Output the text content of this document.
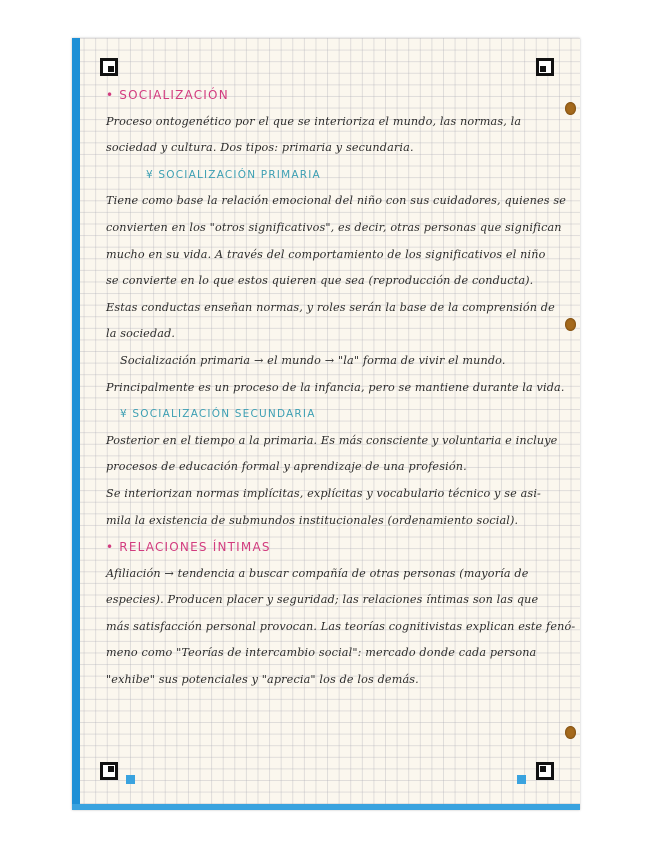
• SOCIALIZACIÓN
Proceso ontogenético por el que se interioriza el mundo, las normas, la
sociedad y cultura. Dos tipos: primaria y secundaria.
¥ SOCIALIZACIÓN PRIMARIA
Tiene como base la relación emocional del niño con sus cuidadores, quienes se
convierten en los "otros significativos", es decir, otras personas que significan
mucho en su vida. A través del comportamiento de los significativos el niño
se convierte en lo que estos quieren que sea (reproducción de conducta).
Estas conductas enseñan normas, y roles serán la base de la comprensión de
la sociedad.
Socialización primaria → el mundo → "la" forma de vivir el mundo.
Principalmente es un proceso de la infancia, pero se mantiene durante la vida.
¥ SOCIALIZACIÓN SECUNDARIA
Posterior en el tiempo a la primaria. Es más consciente y voluntaria e incluye
procesos de educación formal y aprendizaje de una profesión.
Se interiorizan normas implícitas, explícitas y vocabulario técnico y se asi-
mila la existencia de submundos institucionales (ordenamiento social).
• RELACIONES ÍNTIMAS
Afiliación → tendencia a buscar compañía de otras personas (mayoría de
especies). Producen placer y seguridad; las relaciones íntimas son las que
más satisfacción personal provocan. Las teorías cognitivistas explican este fenó-
meno como "Teorías de intercambio social": mercado donde cada persona
"exhibe" sus potenciales y "aprecia" los de los demás.
